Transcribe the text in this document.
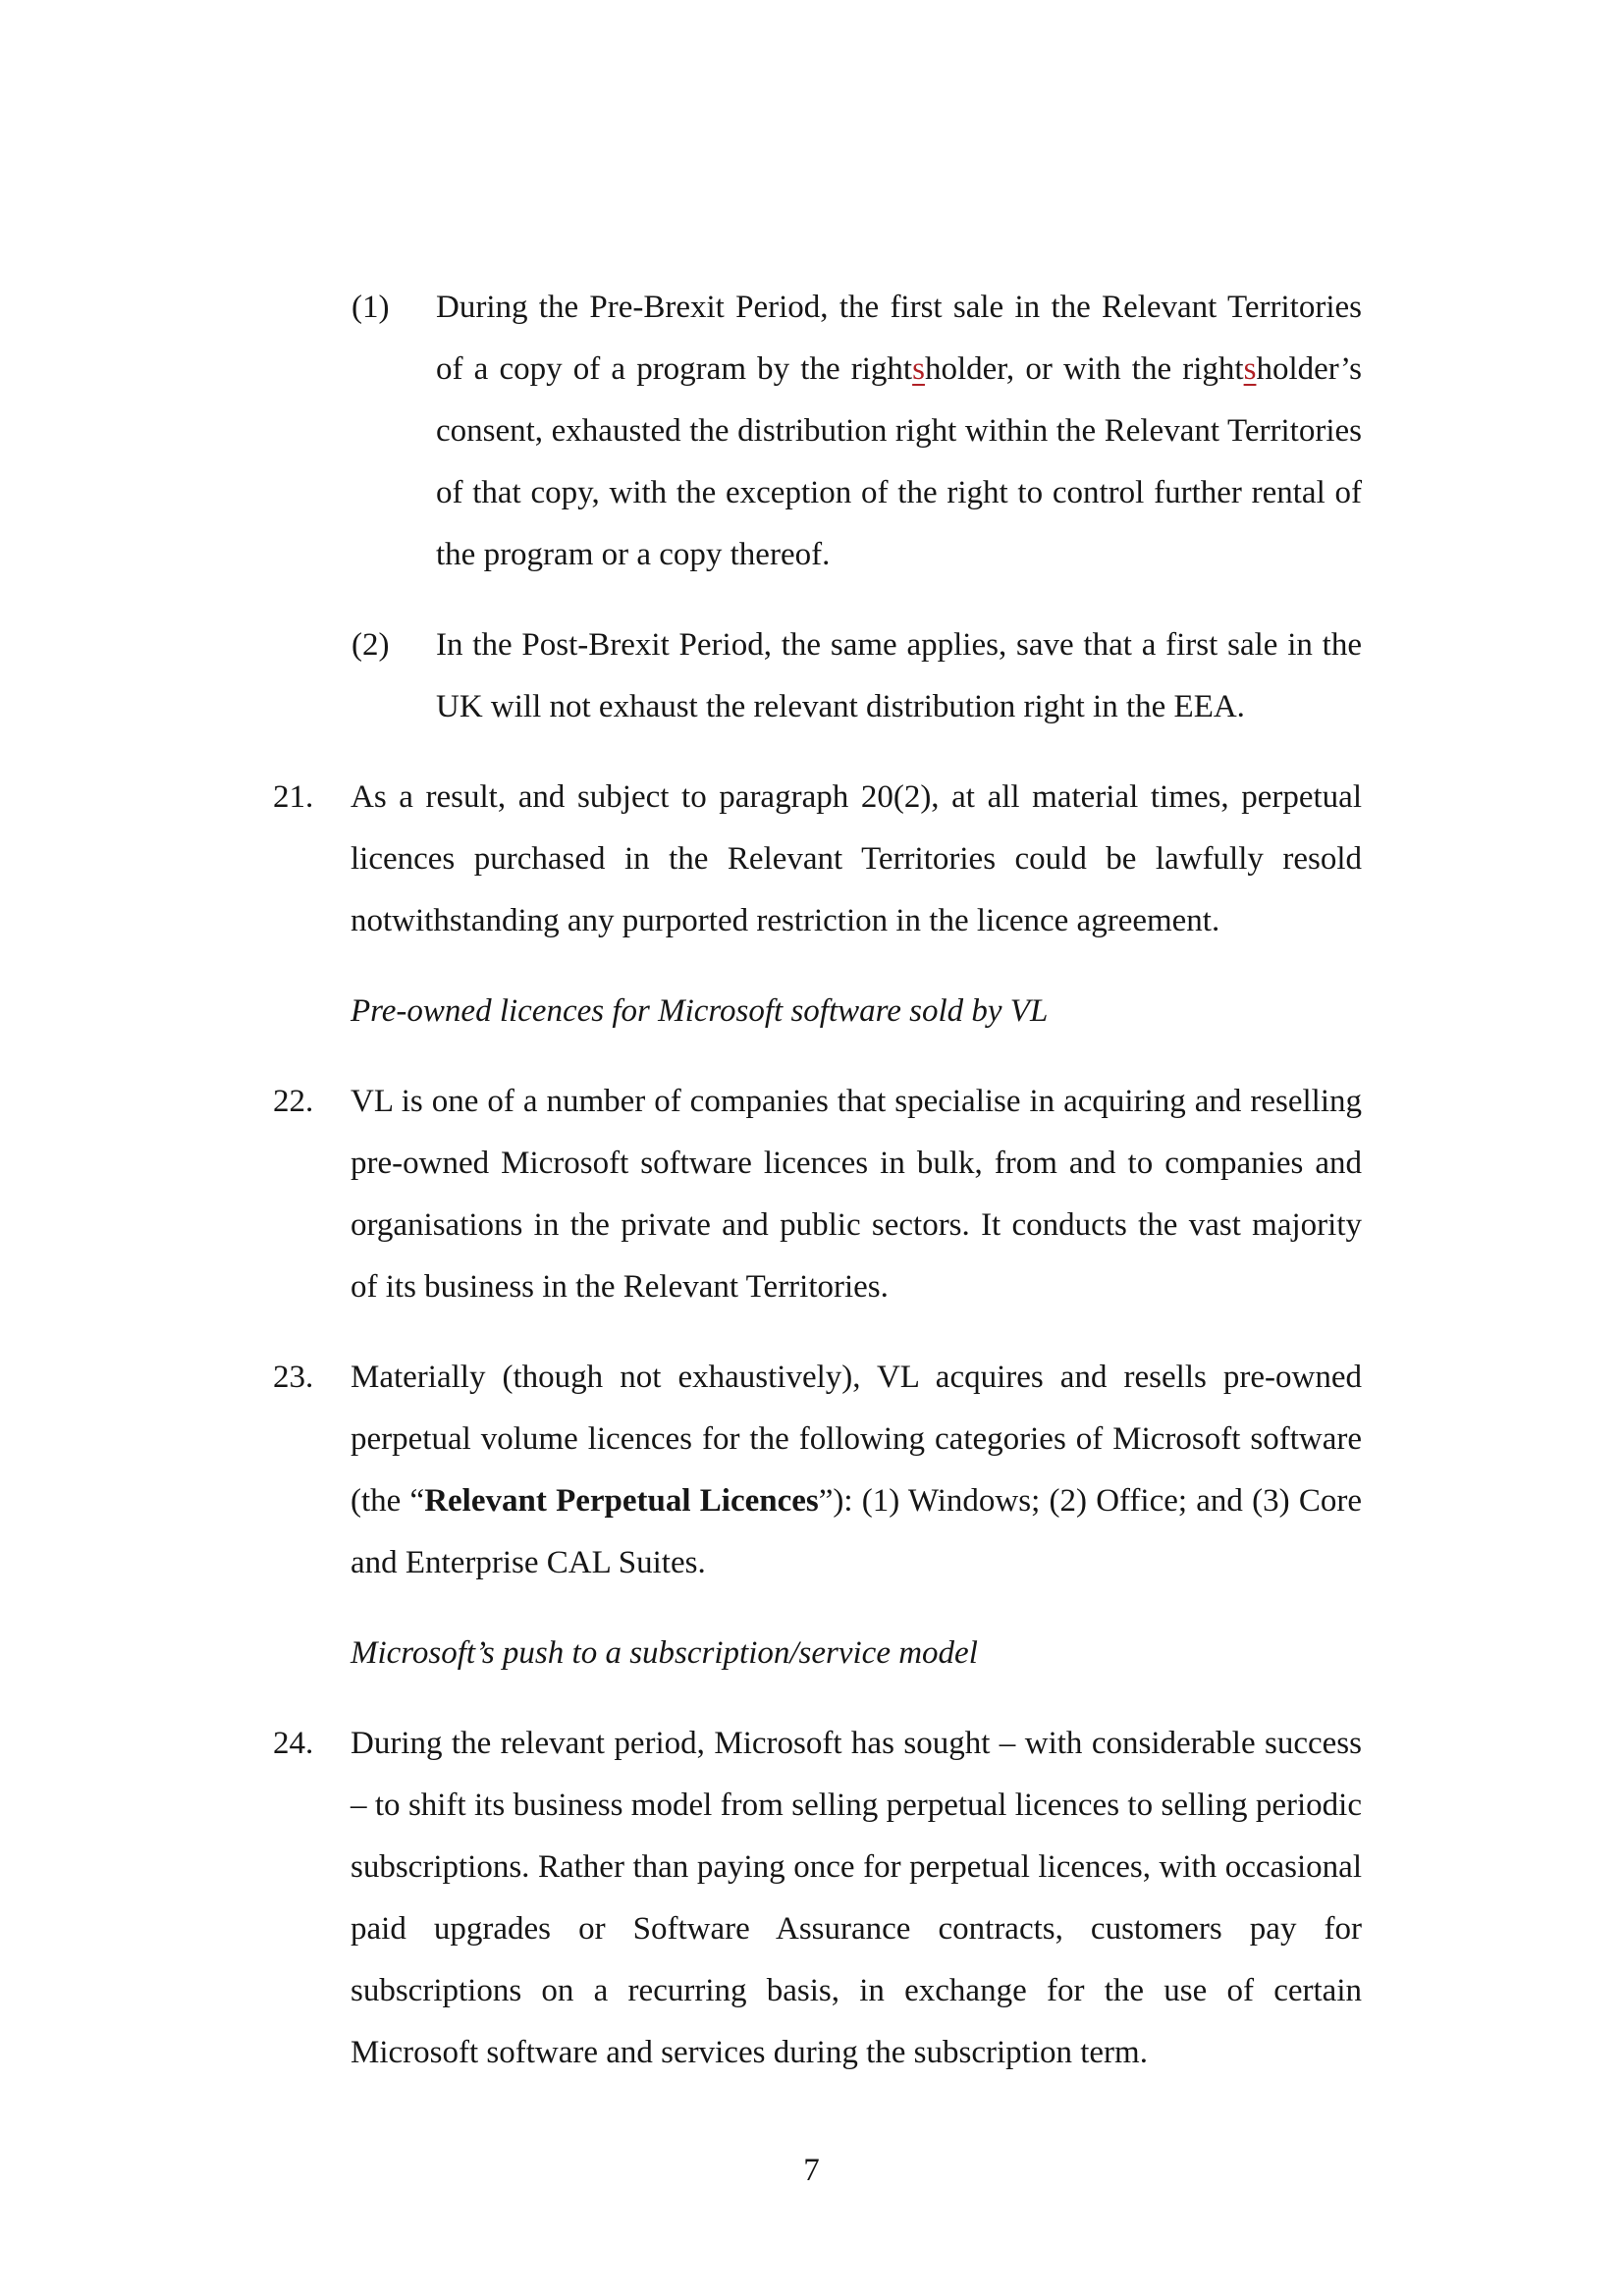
(1)	During the Pre-Brexit Period, the first sale in the Relevant Territories of a copy of a program by the rightsholder, or with the rightsholder’s consent, exhausted the distribution right within the Relevant Territories of that copy, with the exception of the right to control further rental of the program or a copy thereof.
(2)	In the Post-Brexit Period, the same applies, save that a first sale in the UK will not exhaust the relevant distribution right in the EEA.
21.	As a result, and subject to paragraph 20(2), at all material times, perpetual licences purchased in the Relevant Territories could be lawfully resold notwithstanding any purported restriction in the licence agreement.
Pre-owned licences for Microsoft software sold by VL
22.	VL is one of a number of companies that specialise in acquiring and reselling pre-owned Microsoft software licences in bulk, from and to companies and organisations in the private and public sectors. It conducts the vast majority of its business in the Relevant Territories.
23.	Materially (though not exhaustively), VL acquires and resells pre-owned perpetual volume licences for the following categories of Microsoft software (the “Relevant Perpetual Licences”): (1) Windows; (2) Office; and (3) Core and Enterprise CAL Suites.
Microsoft’s push to a subscription/service model
24.	During the relevant period, Microsoft has sought – with considerable success – to shift its business model from selling perpetual licences to selling periodic subscriptions. Rather than paying once for perpetual licences, with occasional paid upgrades or Software Assurance contracts, customers pay for subscriptions on a recurring basis, in exchange for the use of certain Microsoft software and services during the subscription term.
7
